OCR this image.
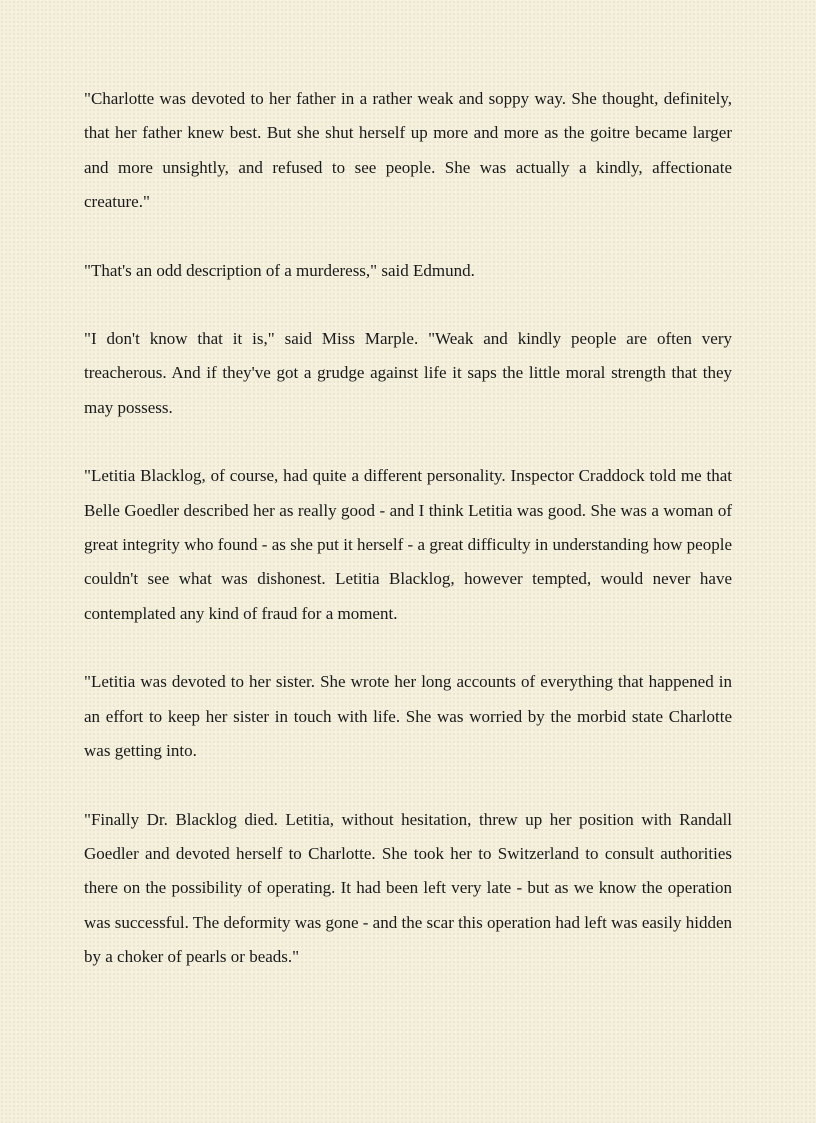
"Charlotte was devoted to her father in a rather weak and soppy way. She thought, definitely, that her father knew best. But she shut herself up more and more as the goitre became larger and more unsightly, and refused to see people. She was actually a kindly, affectionate creature."

"That's an odd description of a murderess," said Edmund.

"I don't know that it is," said Miss Marple. "Weak and kindly people are often very treacherous. And if they've got a grudge against life it saps the little moral strength that they may possess.

"Letitia Blacklog, of course, had quite a different personality. Inspector Craddock told me that Belle Goedler described her as really good - and I think Letitia was good. She was a woman of great integrity who found - as she put it herself - a great difficulty in understanding how people couldn't see what was dishonest. Letitia Blacklog, however tempted, would never have contemplated any kind of fraud for a moment.

"Letitia was devoted to her sister. She wrote her long accounts of everything that happened in an effort to keep her sister in touch with life. She was worried by the morbid state Charlotte was getting into.

"Finally Dr. Blacklog died. Letitia, without hesitation, threw up her position with Randall Goedler and devoted herself to Charlotte. She took her to Switzerland to consult authorities there on the possibility of operating. It had been left very late - but as we know the operation was successful. The deformity was gone - and the scar this operation had left was easily hidden by a choker of pearls or beads."
